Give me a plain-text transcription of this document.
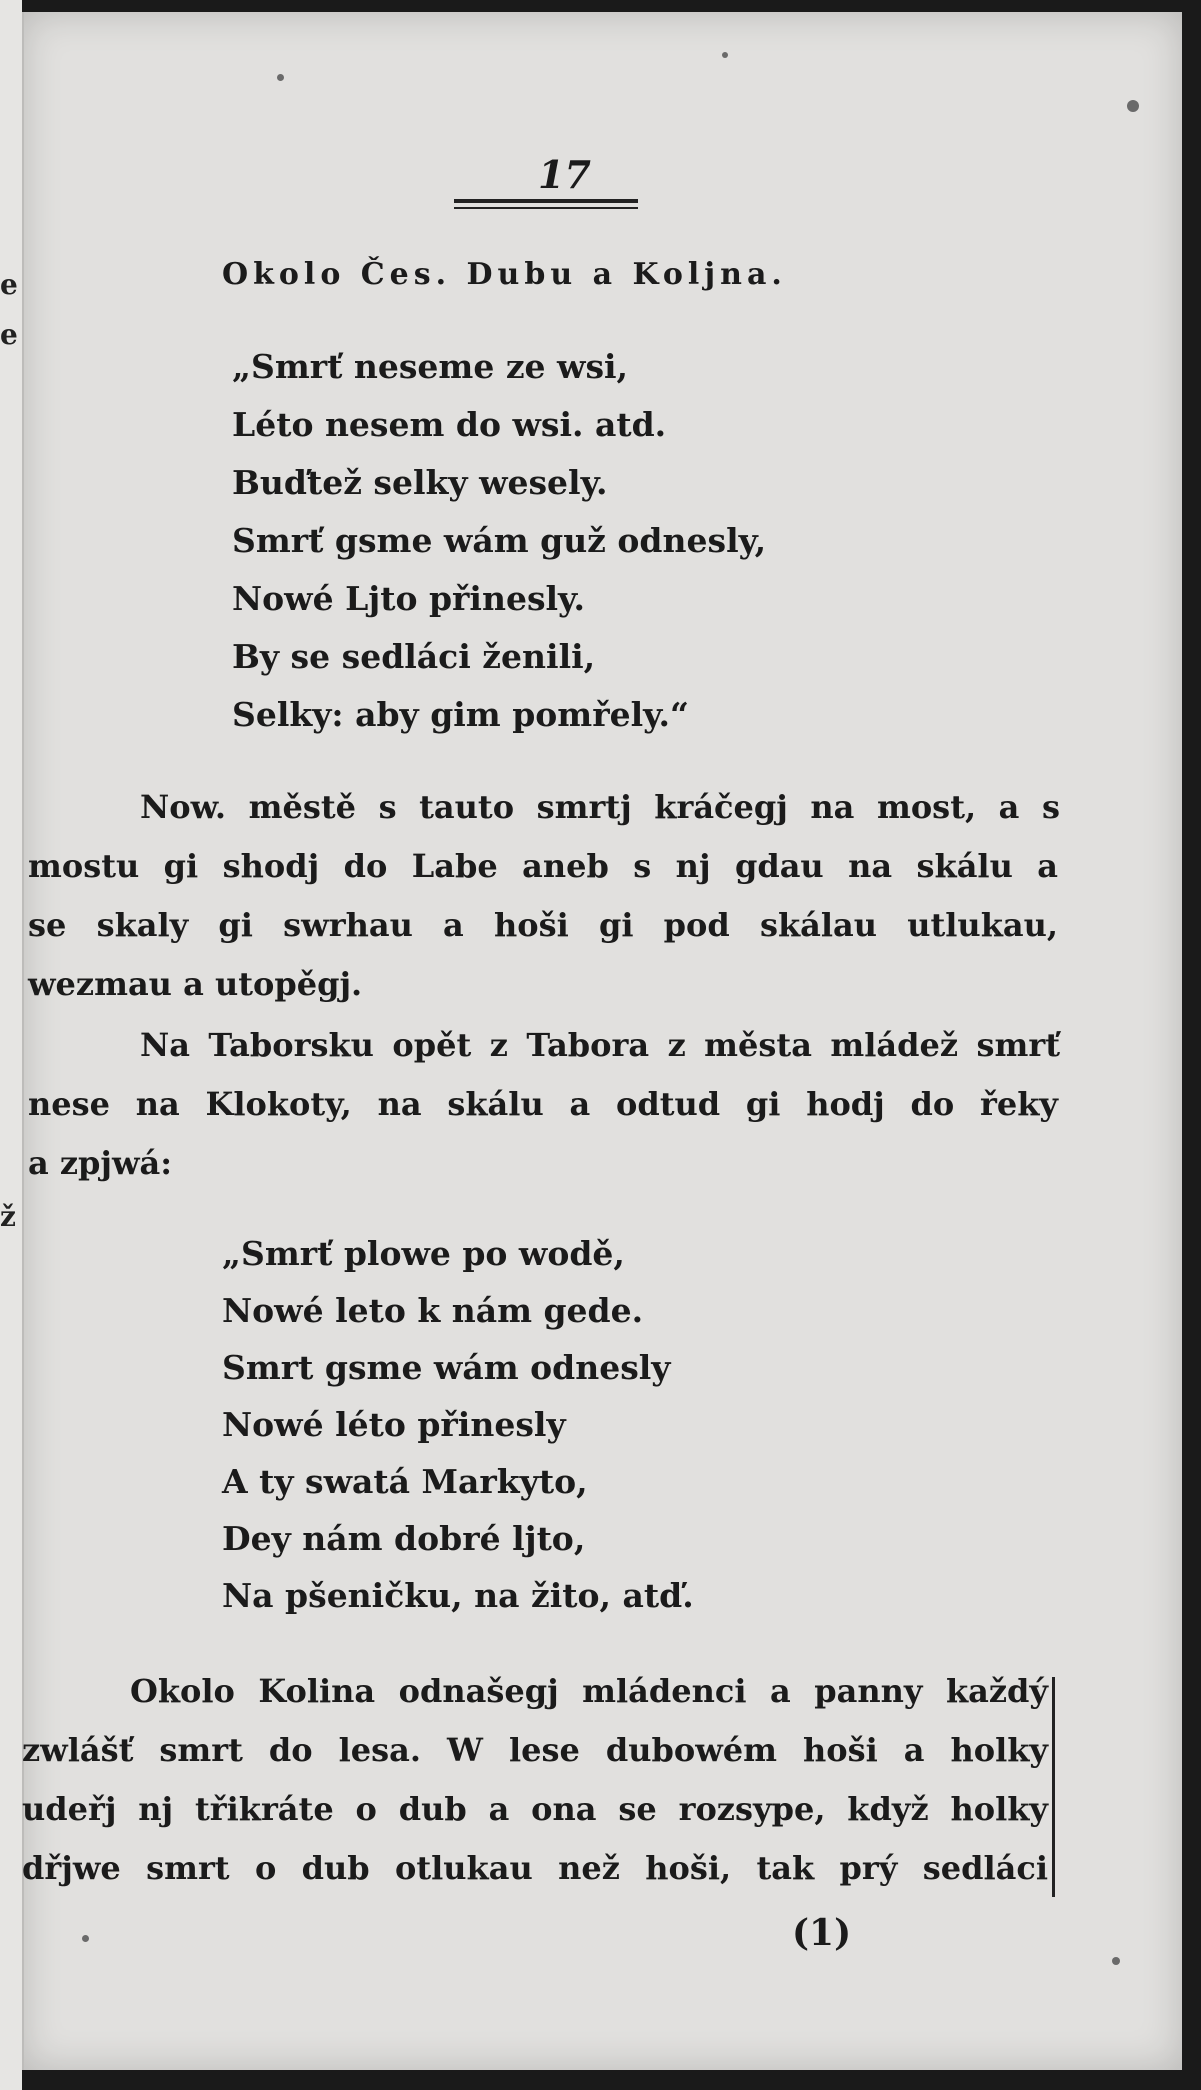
e
e
ž
17
Okolo Čes. Dubu a Koljna.
„Smrť neseme ze wsi,
Léto nesem do wsi. atd.
Buďtež selky wesely.
Smrť gsme wám guž odnesly,
Nowé Ljto přinesly.
By se sedláci ženili,
Selky: aby gim pomřely.“
Now. městě s tauto smrtj kráčegj na most, a s
mostu gi shodj do Labe aneb s nj gdau na skálu a
se skaly gi swrhau a hoši gi pod skálau utlukau,
wezmau a utopěgj.
Na Taborsku opět z Tabora z města mládež smrť
nese na Klokoty, na skálu a odtud gi hodj do řeky
a zpjwá:
„Smrť plowe po wodě,
Nowé leto k nám gede.
Smrt gsme wám odnesly
Nowé léto přinesly
A ty swatá Markyto,
Dey nám dobré ljto,
Na pšeničku, na žito, atď.
Okolo Kolina odnašegj mládenci a panny každý
zwlášť smrt do lesa. W lese dubowém hoši a holky
udeřj nj třikráte o dub a ona se rozsype, když holky
dřjwe smrt o dub otlukau než hoši, tak prý sedláci
(1)
